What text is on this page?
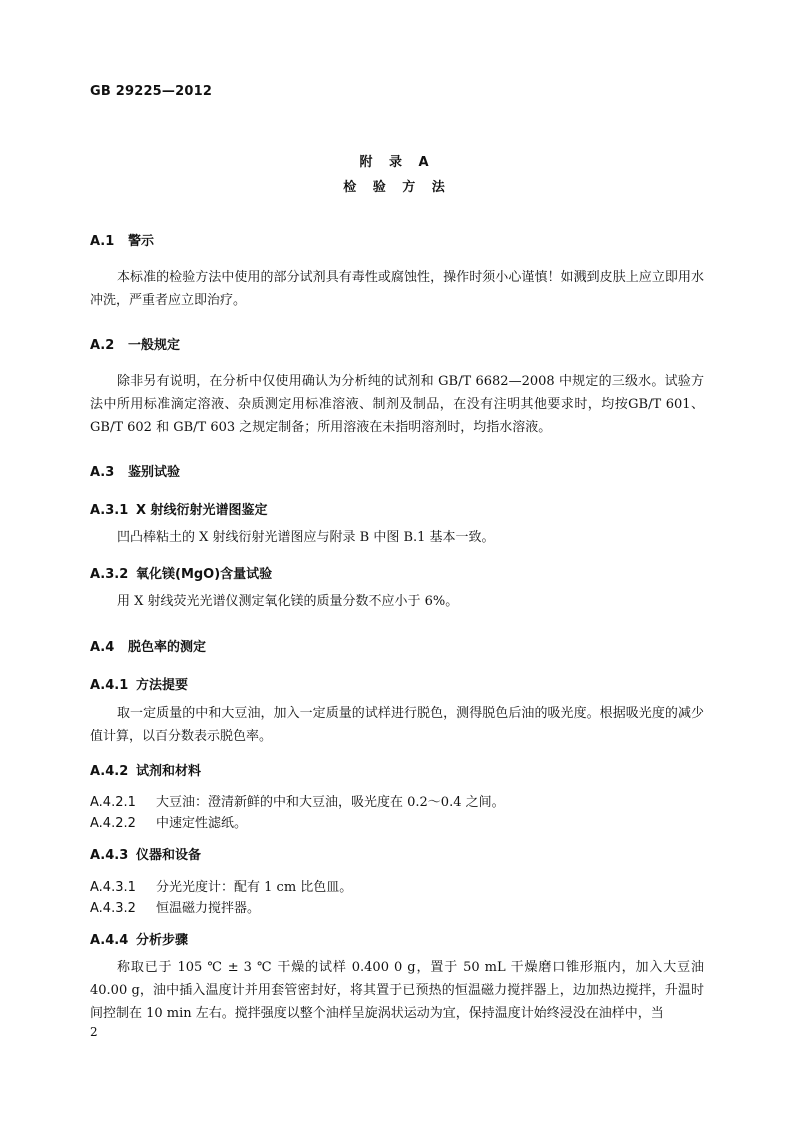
GB 29225—2012
附 录 A
检 验 方 法
A.1 警示

本标准的检验方法中使用的部分试剂具有毒性或腐蚀性，操作时须小心谨慎！如溅到皮肤上应立即用水冲洗，严重者应立即治疗。

A.2 一般规定

除非另有说明，在分析中仅使用确认为分析纯的试剂和 GB/T 6682—2008 中规定的三级水。试验方法中所用标准滴定溶液、杂质测定用标准溶液、制剂及制品，在没有注明其他要求时，均按GB/T 601、GB/T 602 和 GB/T 603 之规定制备；所用溶液在未指明溶剂时，均指水溶液。

A.3 鉴别试验
A.3.1 X 射线衍射光谱图鉴定

凹凸棒粘土的 X 射线衍射光谱图应与附录 B 中图 B.1 基本一致。

A.3.2 氧化镁(MgO)含量试验

用 X 射线荧光光谱仪测定氧化镁的质量分数不应小于 6%。

A.4 脱色率的测定
A.4.1 方法提要

取一定质量的中和大豆油，加入一定质量的试样进行脱色，测得脱色后油的吸光度。根据吸光度的减少值计算，以百分数表示脱色率。

A.4.2 试剂和材料
A.4.2.1 大豆油：澄清新鲜的中和大豆油，吸光度在 0.2～0.4 之间。
A.4.2.2 中速定性滤纸。
A.4.3 仪器和设备
A.4.3.1 分光光度计：配有 1 cm 比色皿。
A.4.3.2 恒温磁力搅拌器。
A.4.4 分析步骤

称取已于 105 ℃ ± 3 ℃ 干燥的试样 0.400 0 g，置于 50 mL 干燥磨口锥形瓶内，加入大豆油 40.00 g，油中插入温度计并用套管密封好，将其置于已预热的恒温磁力搅拌器上，边加热边搅拌，升温时间控制在 10 min 左右。搅拌强度以整个油样呈旋涡状运动为宜，保持温度计始终浸没在油样中，当

2
